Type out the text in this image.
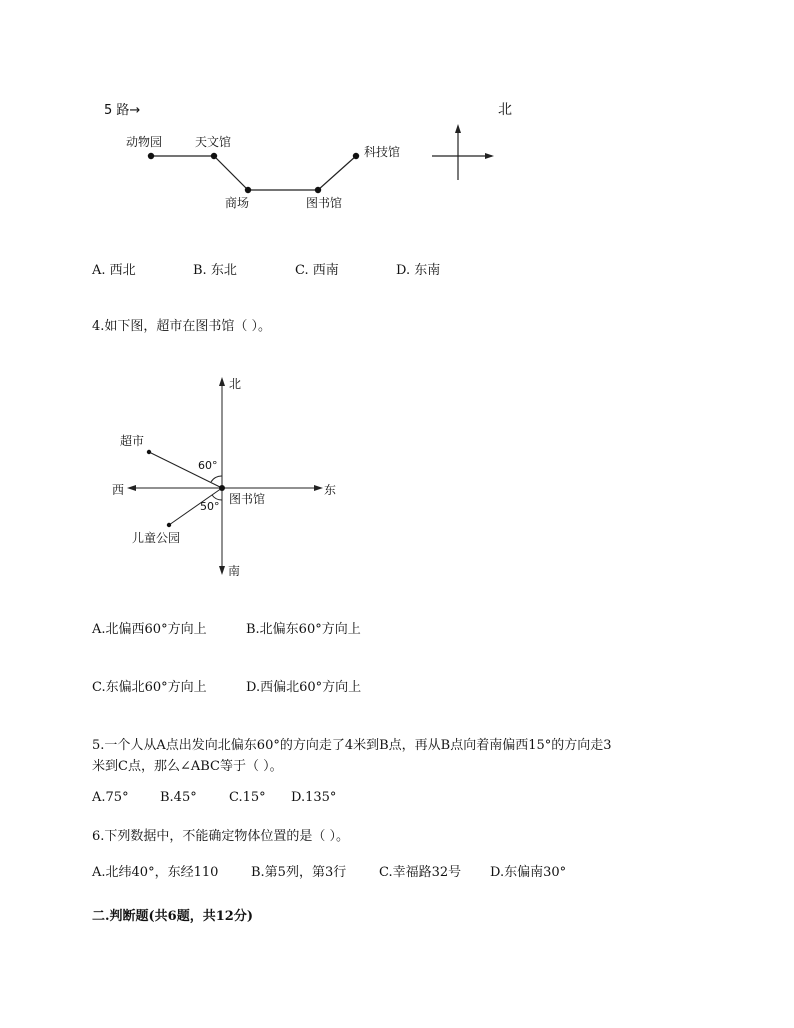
5 路→	北
动物园	天文馆
商场	图书馆
科技馆
A. 西北	B. 东北	C. 西南	D. 东南
4.如下图，超市在图书馆（ ）。
北
南
西	东
图书馆
超市
儿童公园
60°
50°
A.北偏西60°方向上	B.北偏东60°方向上
C.东偏北60°方向上	D.西偏北60°方向上
5.一个人从A点出发向北偏东60°的方向走了4米到B点，再从B点向着南偏西15°的方向走3
米到C点，那么∠ABC等于（ ）。
A.75° B.45° C.15° D.135°
6.下列数据中，不能确定物体位置的是（ ）。
A.北纬40°，东经110	B.第5列，第3行	C.幸福路32号 D.东偏南30°
二.判断题(共6题，共12分)
